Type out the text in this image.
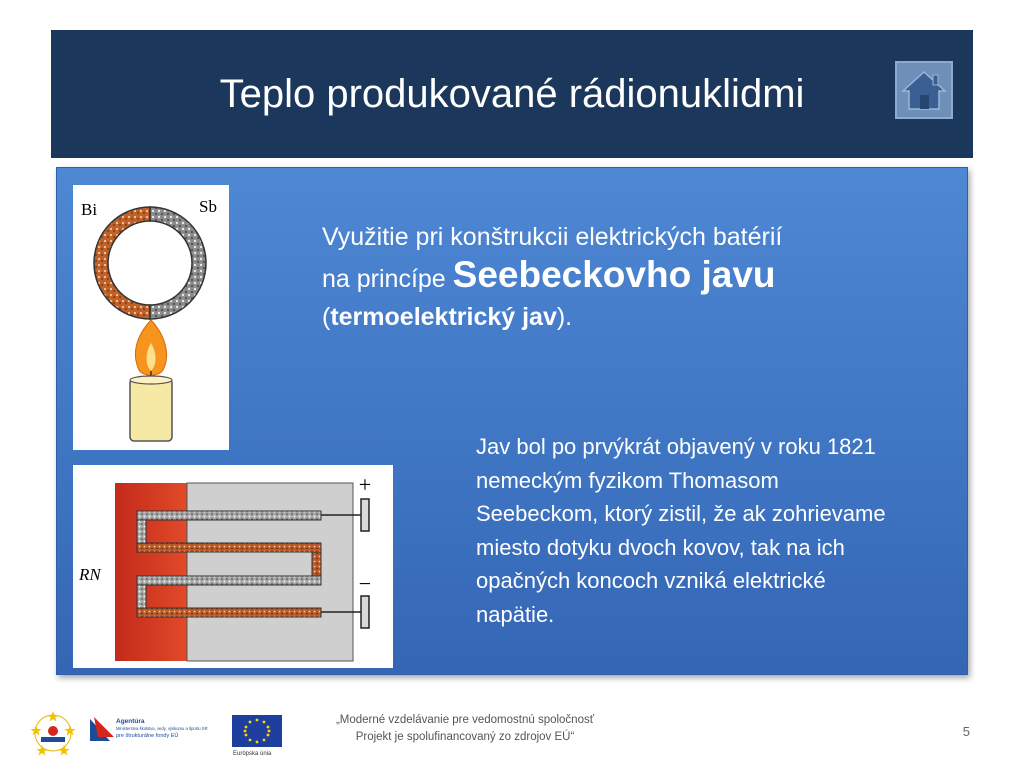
Teplo produkované rádionuklidmi
Bi	Sb
RN
+
−

Využitie pri konštrukcii elektrických batérií
na princípe Seebeckovho javu
(termoelektrický jav).

Jav bol po prvýkrát objavený v roku 1821
nemeckým fyzikom Thomasom
Seebeckom, ktorý zistil, že ak zohrievame
miesto dotyku dvoch kovov, tak na ich
opačných koncoch vzniká elektrické
napätie.

Agentúra
Ministerstva školstva, vedy, výskumu a športu SR
pre štrukturálne fondy EÚ
Európska únia
„Moderné vzdelávanie pre vedomostnú spoločnosť
Projekt je spolufinancovaný zo zdrojov EÚ“	5
